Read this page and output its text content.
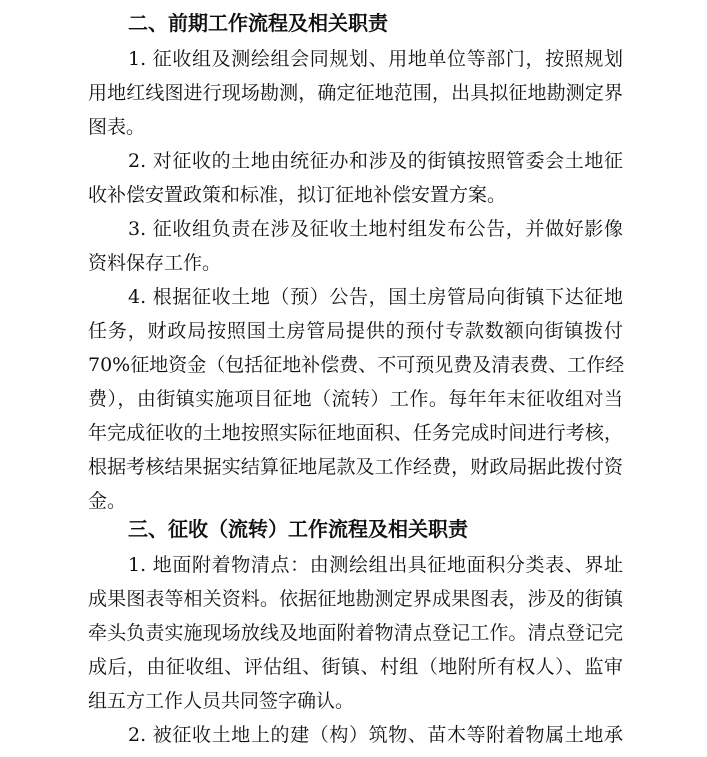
二、前期工作流程及相关职责
1. 征收组及测绘组会同规划、用地单位等部门，按照规划
用地红线图进行现场勘测，确定征地范围，出具拟征地勘测定界
图表。
2. 对征收的土地由统征办和涉及的街镇按照管委会土地征
收补偿安置政策和标准，拟订征地补偿安置方案。
3. 征收组负责在涉及征收土地村组发布公告，并做好影像
资料保存工作。
4. 根据征收土地（预）公告，国土房管局向街镇下达征地
任务，财政局按照国土房管局提供的预付专款数额向街镇拨付
70%征地资金（包括征地补偿费、不可预见费及清表费、工作经
费），由街镇实施项目征地（流转）工作。每年年末征收组对当
年完成征收的土地按照实际征地面积、任务完成时间进行考核，
根据考核结果据实结算征地尾款及工作经费，财政局据此拨付资
金。
三、征收（流转）工作流程及相关职责
1. 地面附着物清点：由测绘组出具征地面积分类表、界址
成果图表等相关资料。依据征地勘测定界成果图表，涉及的街镇
牵头负责实施现场放线及地面附着物清点登记工作。清点登记完
成后，由征收组、评估组、街镇、村组（地附所有权人）、监审
组五方工作人员共同签字确认。
2. 被征收土地上的建（构）筑物、苗木等附着物属土地承
